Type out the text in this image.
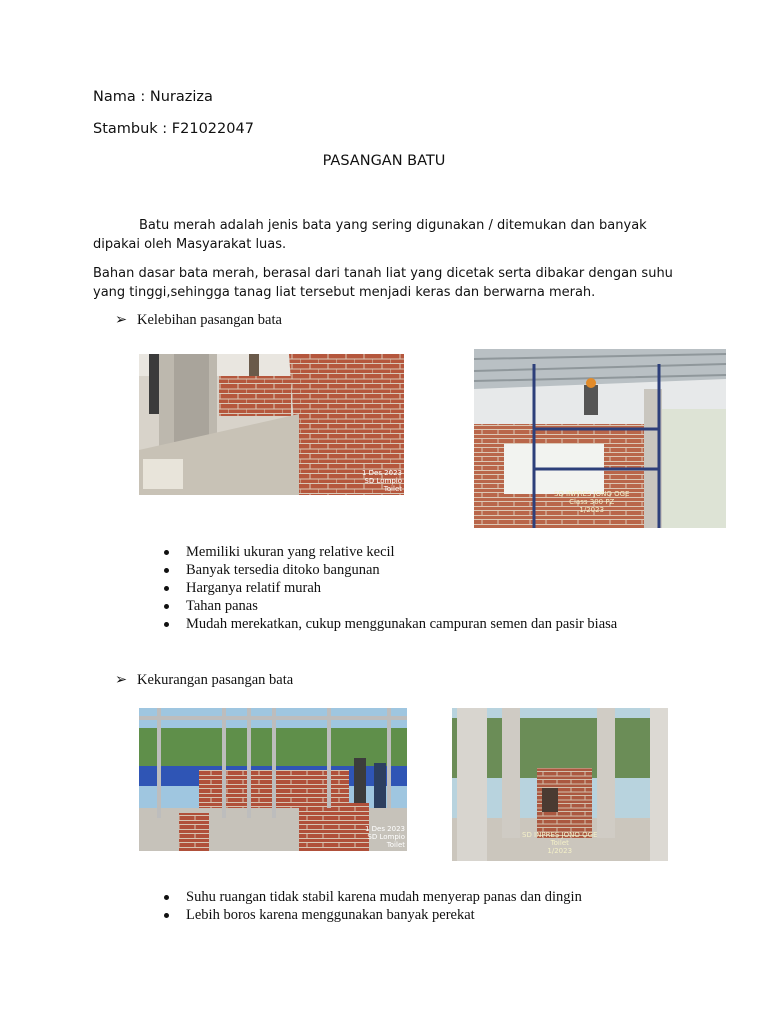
Nama : Nuraziza
Stambuk : F21022047
PASANGAN BATU
Batu merah adalah jenis bata yang sering digunakan / ditemukan dan banyak dipakai oleh Masyarakat luas.
Bahan dasar bata merah, berasal dari tanah liat yang dicetak serta dibakar dengan suhu yang tinggi,sehingga tanag liat tersebut menjadi keras dan berwarna merah.
➢ Kelebihan pasangan bata
1 Des 2023
SD Lompio
Toilet
SD INPRES JONO OGE
Class 300 PZ
1/2023
Memiliki ukuran yang relative kecil
Banyak tersedia ditoko bangunan
Harganya relatif murah
Tahan panas
Mudah merekatkan, cukup menggunakan campuran semen dan pasir biasa
➢ Kekurangan pasangan bata
1 Des 2023
SD Lompio
Toilet
SD INPRES JONO OGE
Toilet
1/2023
Suhu ruangan tidak stabil karena mudah menyerap panas dan dingin
Lebih boros karena menggunakan banyak perekat
